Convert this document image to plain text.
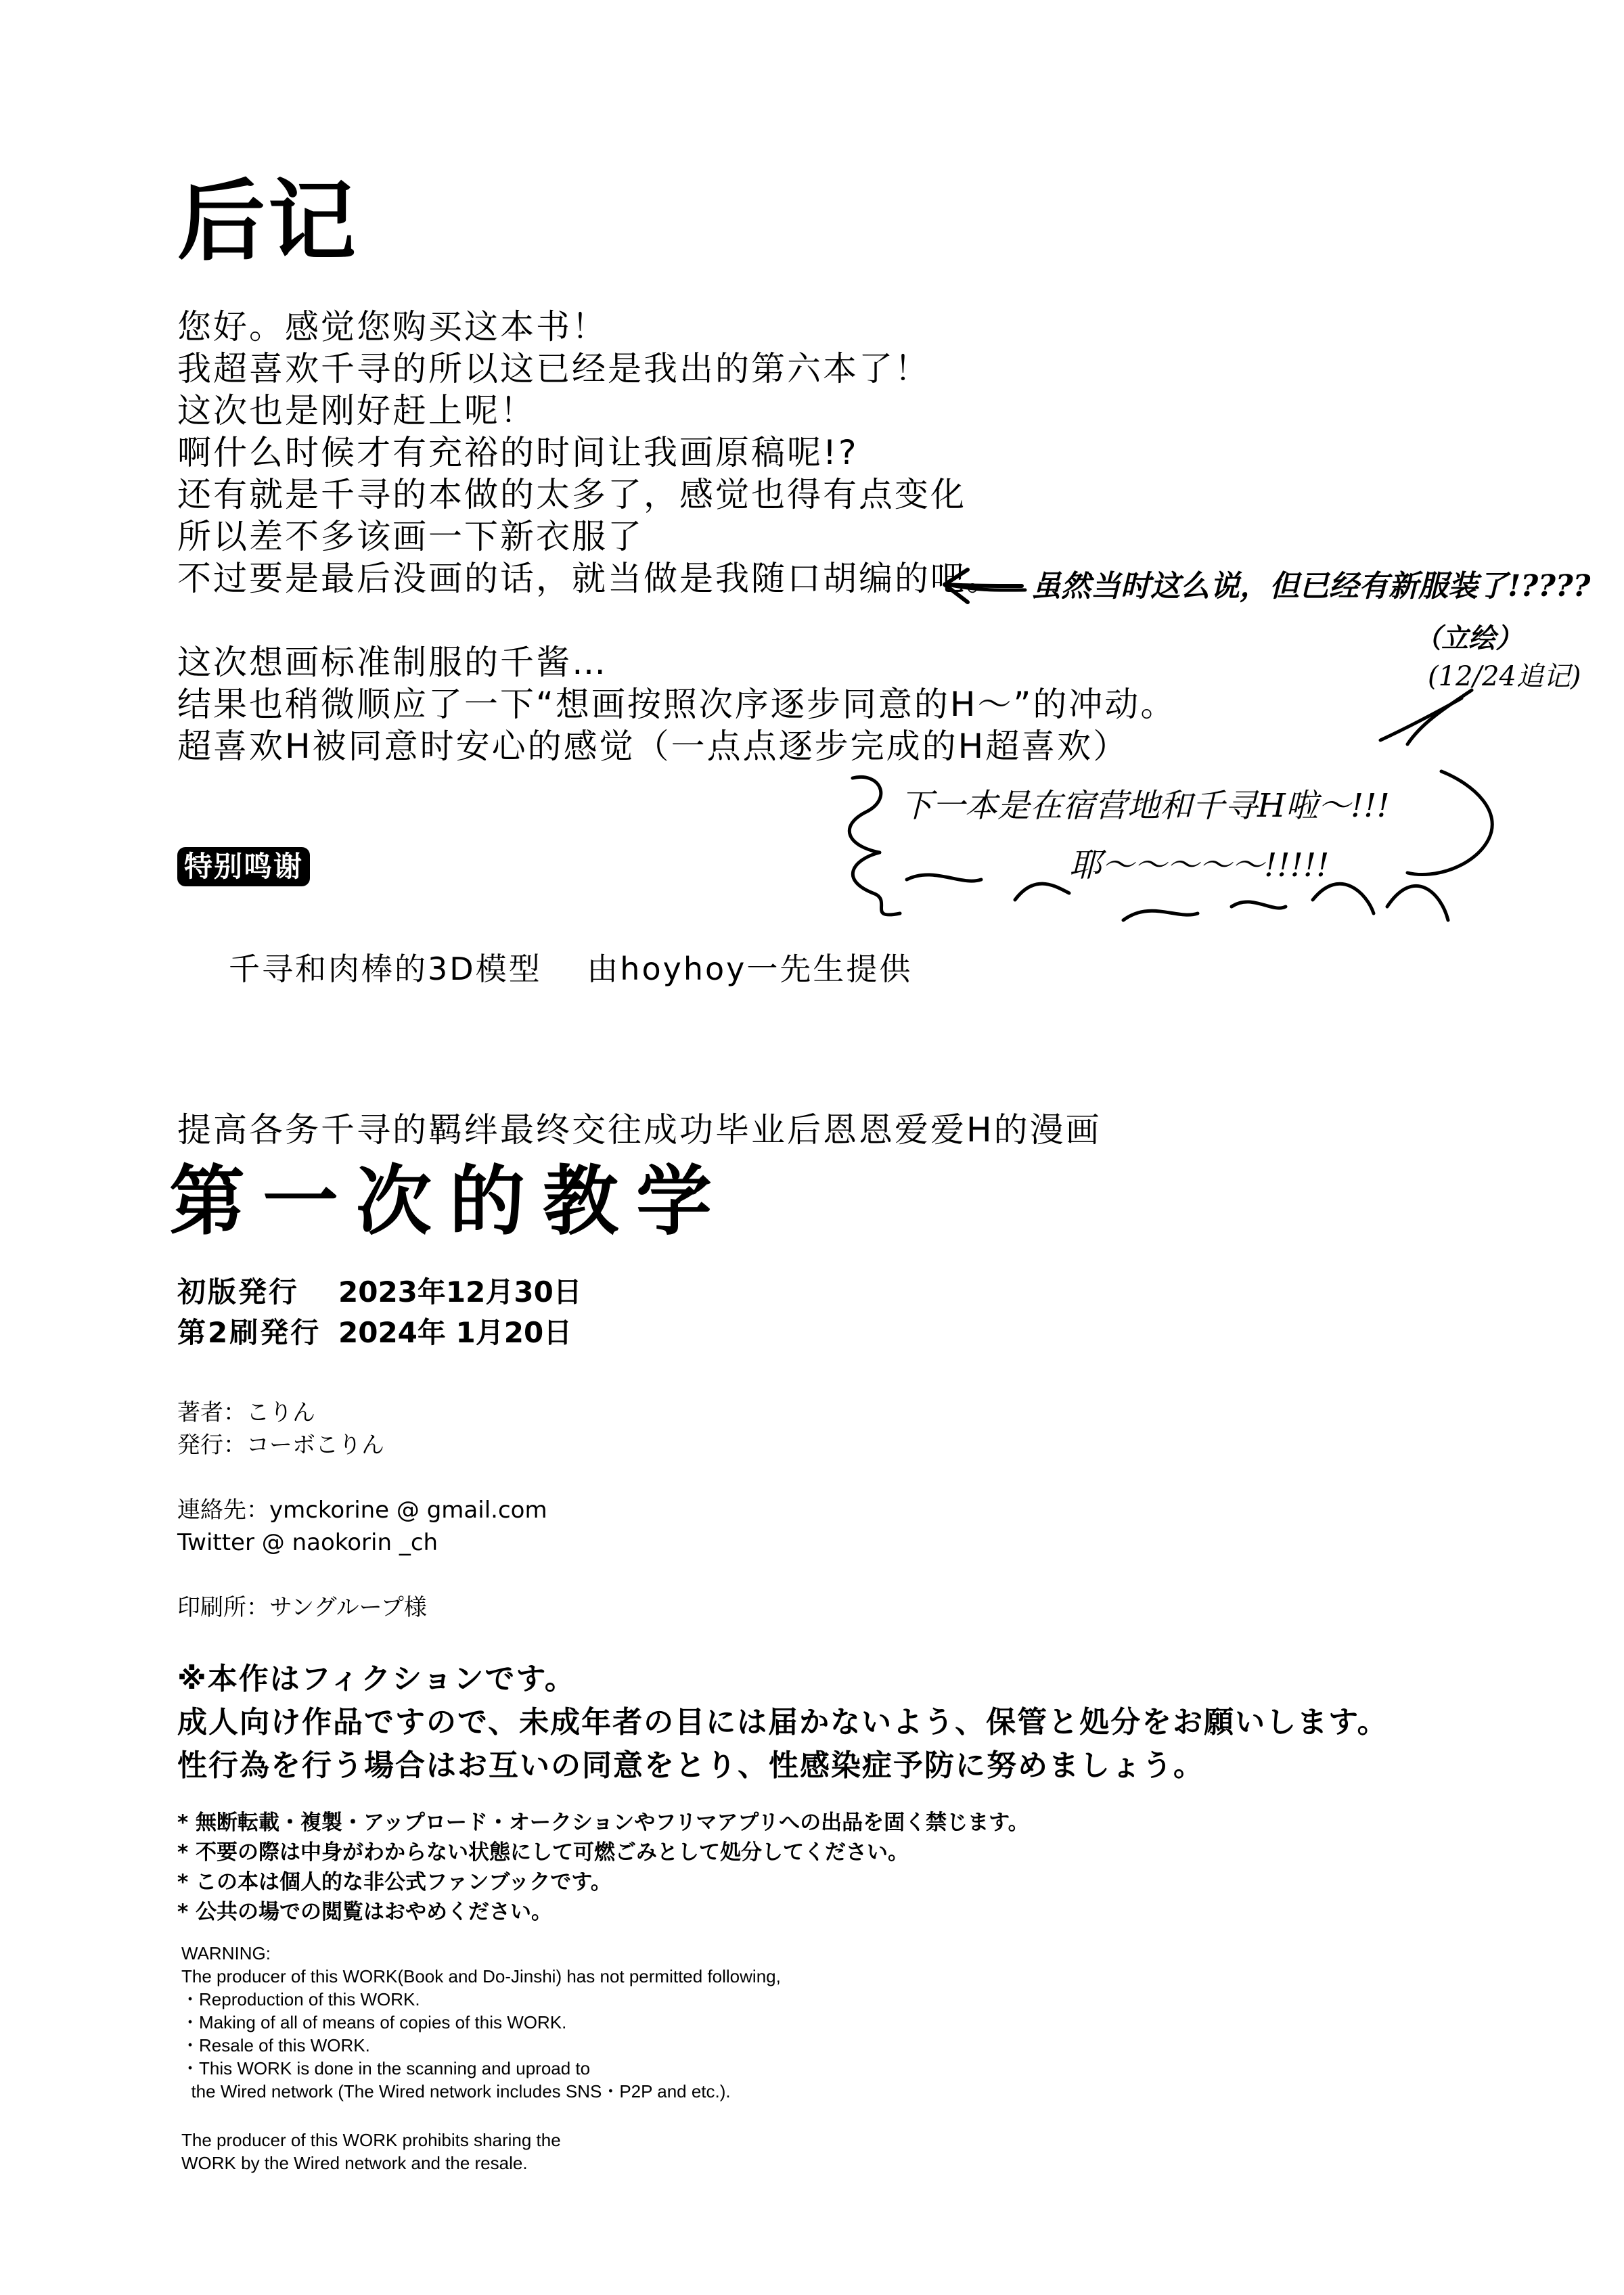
后记
您好。感觉您购买这本书！
我超喜欢千寻的所以这已经是我出的第六本了！
这次也是刚好赶上呢！
啊什么时候才有充裕的时间让我画原稿呢!?
还有就是千寻的本做的太多了，感觉也得有点变化
所以差不多该画一下新衣服了
不过要是最后没画的话，就当做是我随口胡编的吧。
这次想画标准制服的千酱…
结果也稍微顺应了一下“想画按照次序逐步同意的H～”的冲动。
超喜欢H被同意时安心的感觉（一点点逐步完成的H超喜欢）
虽然当时这么说，但已经有新服装了!????
（立绘）
(12/24追记)
下一本是在宿营地和千寻H啦～!!!
耶～～～～～!!!!!
特别鸣谢
千寻和肉棒的3D模型　 由hoyhoy一先生提供
提高各务千寻的羁绊最终交往成功毕业后恩恩爱爱H的漫画
第一次的教学
初版発行 2023年12月30日
第2刷発行 2024年 1月20日
著者：こりん
発行：コーボこりん
連絡先：ymckorine @ gmail.com
Twitter @ naokorin _ch
印刷所：サングループ様
※本作はフィクションです。
成人向け作品ですので、未成年者の目には届かないよう、保管と処分をお願いします。
性行為を行う場合はお互いの同意をとり、性感染症予防に努めましょう。
* 無断転載・複製・アップロード・オークションやフリマアプリへの出品を固く禁じます。
* 不要の際は中身がわからない状態にして可燃ごみとして処分してください。
* この本は個人的な非公式ファンブックです。
* 公共の場での閲覧はおやめください。
WARNING:
The producer of this WORK(Book and Do-Jinshi) has not permitted following,
・Reproduction of this WORK.
・Making of all of means of copies of this WORK.
・Resale of this WORK.
・This WORK is done in the scanning and uproad to
the Wired network (The Wired network includes SNS・P2P and etc.).
The producer of this WORK prohibits sharing the
WORK by the Wired network and the resale.
